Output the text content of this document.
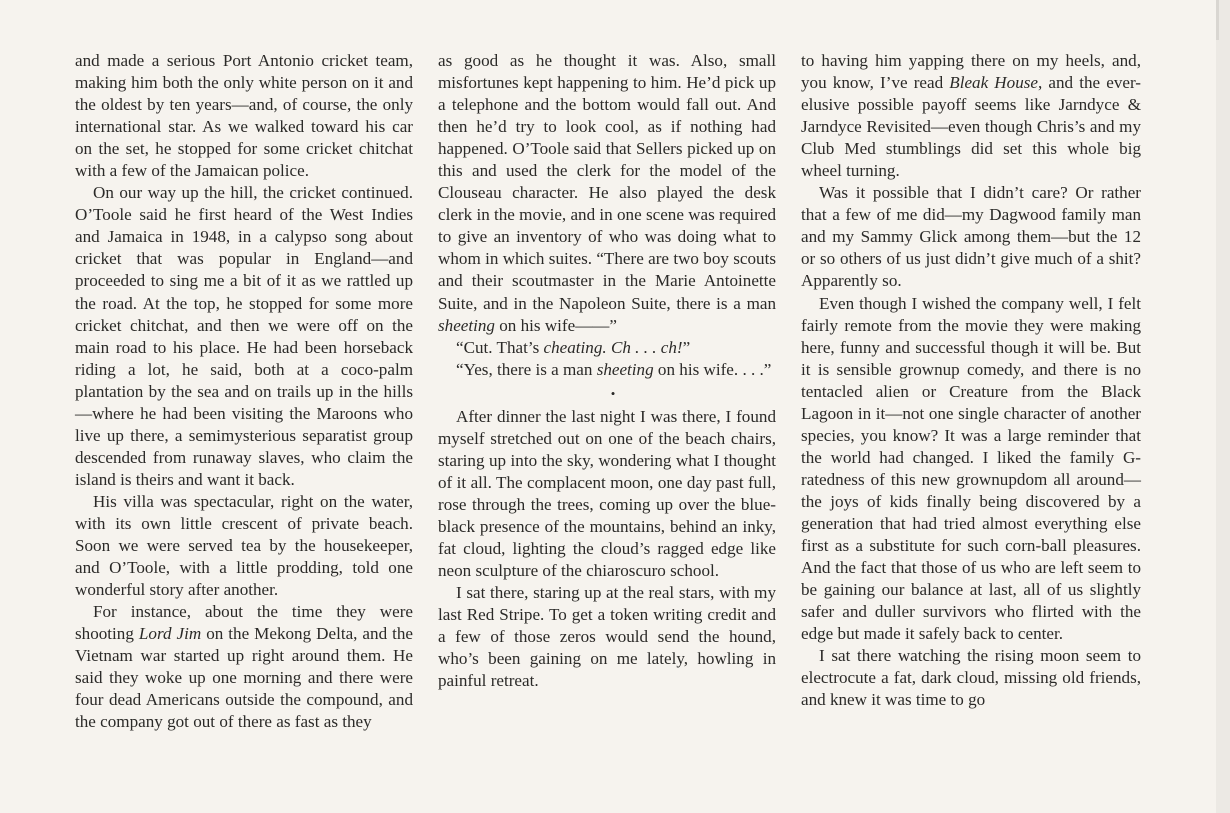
and made a serious Port Antonio cricket team, making him both the only white person on it and the oldest by ten years—and, of course, the only international star. As we walked toward his car on the set, he stopped for some cricket chitchat with a few of the Jamaican police.

On our way up the hill, the cricket continued. O’Toole said he first heard of the West Indies and Jamaica in 1948, in a calypso song about cricket that was popular in England—and proceeded to sing me a bit of it as we rattled up the road. At the top, he stopped for some more cricket chitchat, and then we were off on the main road to his place. He had been horseback riding a lot, he said, both at a coco-palm plantation by the sea and on trails up in the hills—where he had been visiting the Maroons who live up there, a semimysterious separatist group descended from runaway slaves, who claim the island is theirs and want it back.

His villa was spectacular, right on the water, with its own little crescent of private beach. Soon we were served tea by the housekeeper, and O’Toole, with a little prodding, told one wonderful story after another.

For instance, about the time they were shooting Lord Jim on the Mekong Delta, and the Vietnam war started up right around them. He said they woke up one morning and there were four dead Americans outside the compound, and the company got out of there as fast as they

as good as he thought it was. Also, small misfortunes kept happening to him. He’d pick up a telephone and the bottom would fall out. And then he’d try to look cool, as if nothing had happened. O’Toole said that Sellers picked up on this and used the clerk for the model of the Clouseau character. He also played the desk clerk in the movie, and in one scene was required to give an inventory of who was doing what to whom in which suites. “There are two boy scouts and their scoutmaster in the Marie Antoinette Suite, and in the Napoleon Suite, there is a man sheeting on his wife——”

“Cut. That’s cheating. Ch . . . ch!”

“Yes, there is a man sheeting on his wife. . . .”

•

After dinner the last night I was there, I found myself stretched out on one of the beach chairs, staring up into the sky, wondering what I thought of it all. The complacent moon, one day past full, rose through the trees, coming up over the blue-black presence of the mountains, behind an inky, fat cloud, lighting the cloud’s ragged edge like neon sculpture of the chiaroscuro school.

I sat there, staring up at the real stars, with my last Red Stripe. To get a token writing credit and a few of those zeros would send the hound, who’s been gaining on me lately, howling in painful retreat.

to having him yapping there on my heels, and, you know, I’ve read Bleak House, and the ever-elusive possible payoff seems like Jarndyce & Jarndyce Revisited—even though Chris’s and my Club Med stumblings did set this whole big wheel turning.

Was it possible that I didn’t care? Or rather that a few of me did—my Dagwood family man and my Sammy Glick among them—but the 12 or so others of us just didn’t give much of a shit? Apparently so.

Even though I wished the company well, I felt fairly remote from the movie they were making here, funny and successful though it will be. But it is sensible grownup comedy, and there is no tentacled alien or Creature from the Black Lagoon in it—not one single character of another species, you know? It was a large reminder that the world had changed. I liked the family G-ratedness of this new grownupdom all around—the joys of kids finally being discovered by a generation that had tried almost everything else first as a substitute for such corn-ball pleasures. And the fact that those of us who are left seem to be gaining our balance at last, all of us slightly safer and duller survivors who flirted with the edge but made it safely back to center.

I sat there watching the rising moon seem to electrocute a fat, dark cloud, missing old friends, and knew it was time to go
